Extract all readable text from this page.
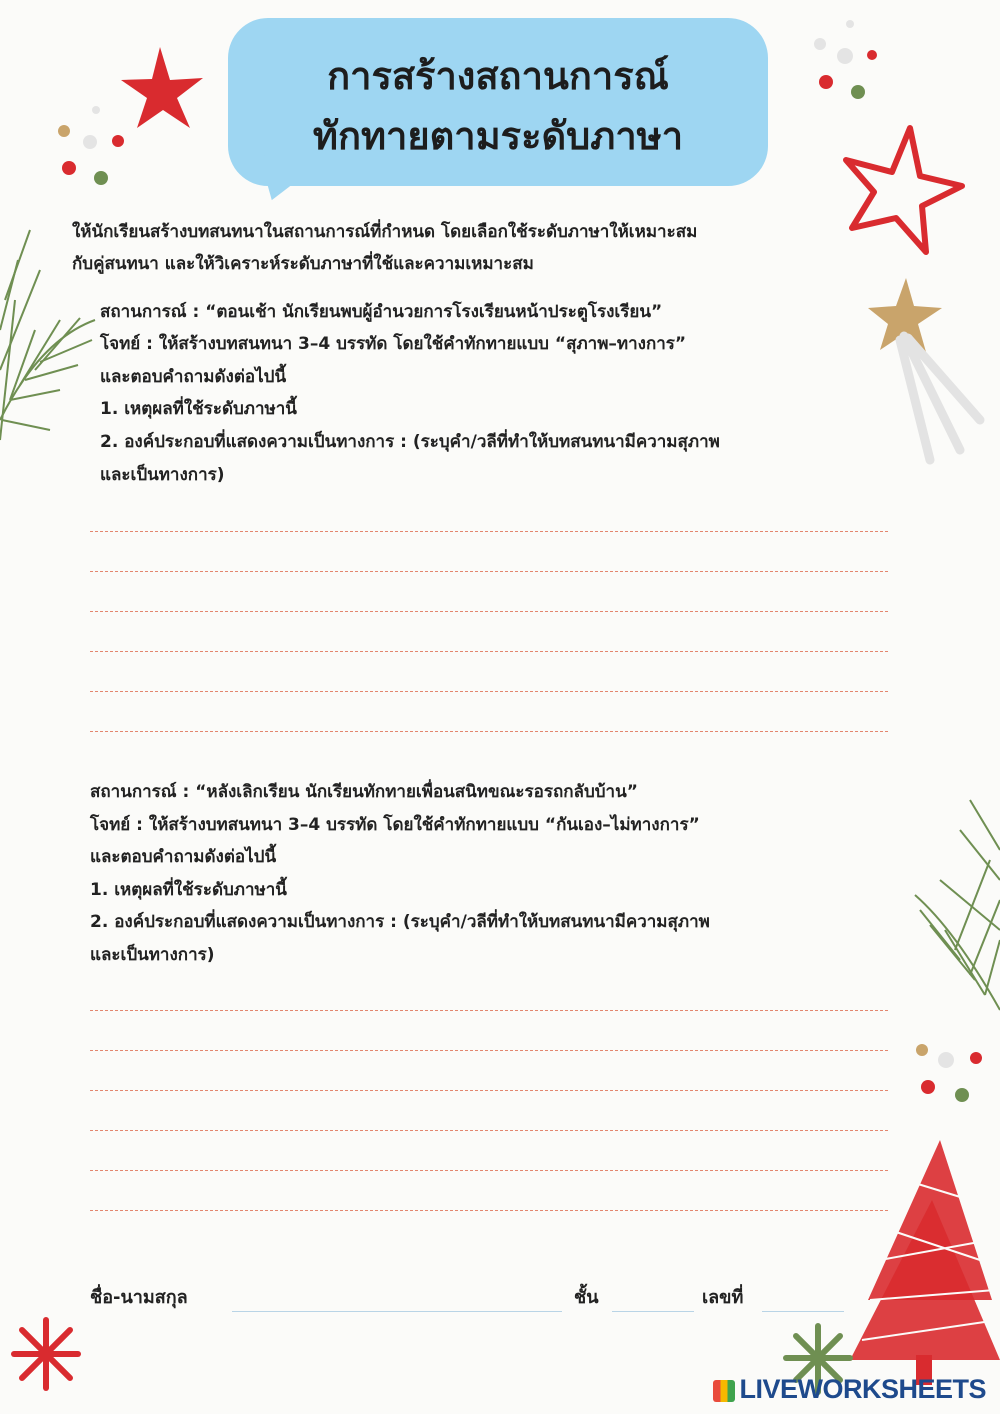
การสร้างสถานการณ์
ทักทายตามระดับภาษา
ให้นักเรียนสร้างบทสนทนาในสถานการณ์ที่กำหนด โดยเลือกใช้ระดับภาษาให้เหมาะสม
กับคู่สนทนา และให้วิเคราะห์ระดับภาษาที่ใช้และความเหมาะสม
สถานการณ์ : “ตอนเช้า นักเรียนพบผู้อำนวยการโรงเรียนหน้าประตูโรงเรียน”
โจทย์ : ให้สร้างบทสนทนา 3–4 บรรทัด โดยใช้คำทักทายแบบ “สุภาพ–ทางการ”
และตอบคำถามดังต่อไปนี้
1. เหตุผลที่ใช้ระดับภาษานี้
2. องค์ประกอบที่แสดงความเป็นทางการ : (ระบุคำ/วลีที่ทำให้บทสนทนามีความสุภาพ
และเป็นทางการ)
สถานการณ์ : “หลังเลิกเรียน นักเรียนทักทายเพื่อนสนิทขณะรอรถกลับบ้าน”
โจทย์ : ให้สร้างบทสนทนา 3–4 บรรทัด โดยใช้คำทักทายแบบ “กันเอง–ไม่ทางการ”
และตอบคำถามดังต่อไปนี้
1. เหตุผลที่ใช้ระดับภาษานี้
2. องค์ประกอบที่แสดงความเป็นทางการ : (ระบุคำ/วลีที่ทำให้บทสนทนามีความสุภาพ
และเป็นทางการ)
ชื่อ-นามสกุล	ชั้น	เลขที่
LIVEWORKSHEETS
